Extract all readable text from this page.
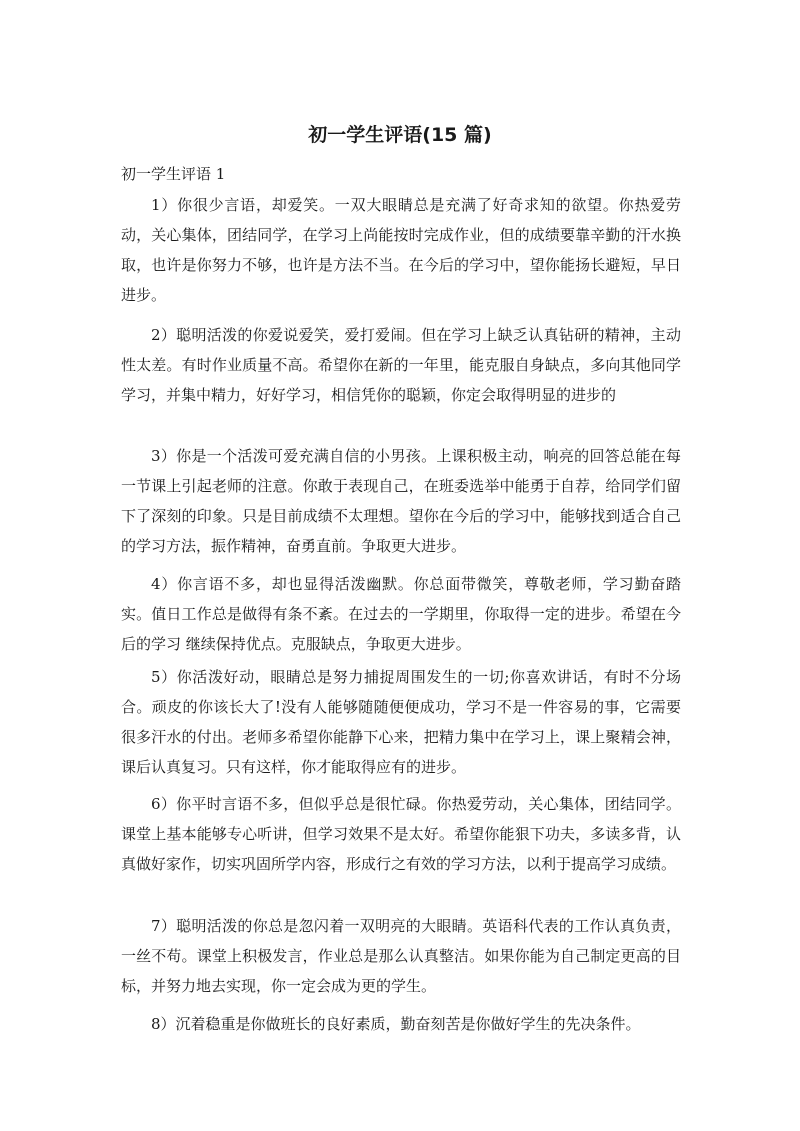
初一学生评语(15 篇)
初一学生评语 1

1）你很少言语，却爱笑。一双大眼睛总是充满了好奇求知的欲望。你热爱劳动，关心集体，团结同学，在学习上尚能按时完成作业，但的成绩要靠辛勤的汗水换取，也许是你努力不够，也许是方法不当。在今后的学习中，望你能扬长避短，早日进步。

2）聪明活泼的你爱说爱笑，爱打爱闹。但在学习上缺乏认真钻研的精神，主动性太差。有时作业质量不高。希望你在新的一年里，能克服自身缺点，多向其他同学学习，并集中精力，好好学习，相信凭你的聪颖，你定会取得明显的进步的

3）你是一个活泼可爱充满自信的小男孩。上课积极主动，响亮的回答总能在每一节课上引起老师的注意。你敢于表现自己，在班委选举中能勇于自荐，给同学们留下了深刻的印象。只是目前成绩不太理想。望你在今后的学习中，能够找到适合自己的学习方法，振作精神，奋勇直前。争取更大进步。

4）你言语不多，却也显得活泼幽默。你总面带微笑，尊敬老师，学习勤奋踏实。值日工作总是做得有条不紊。在过去的一学期里，你取得一定的进步。希望在今后的学习 继续保持优点。克服缺点，争取更大进步。

5）你活泼好动，眼睛总是努力捕捉周围发生的一切;你喜欢讲话，有时不分场合。顽皮的你该长大了!没有人能够随随便便成功，学习不是一件容易的事，它需要很多汗水的付出。老师多希望你能静下心来，把精力集中在学习上，课上聚精会神，课后认真复习。只有这样，你才能取得应有的进步。

6）你平时言语不多，但似乎总是很忙碌。你热爱劳动，关心集体，团结同学。课堂上基本能够专心听讲，但学习效果不是太好。希望你能狠下功夫，多读多背，认真做好家作，切实巩固所学内容，形成行之有效的学习方法，以利于提高学习成绩。

7）聪明活泼的你总是忽闪着一双明亮的大眼睛。英语科代表的工作认真负责，一丝不苟。课堂上积极发言，作业总是那么认真整洁。如果你能为自己制定更高的目标，并努力地去实现，你一定会成为更的学生。

8）沉着稳重是你做班长的良好素质，勤奋刻苦是你做好学生的先决条件。
